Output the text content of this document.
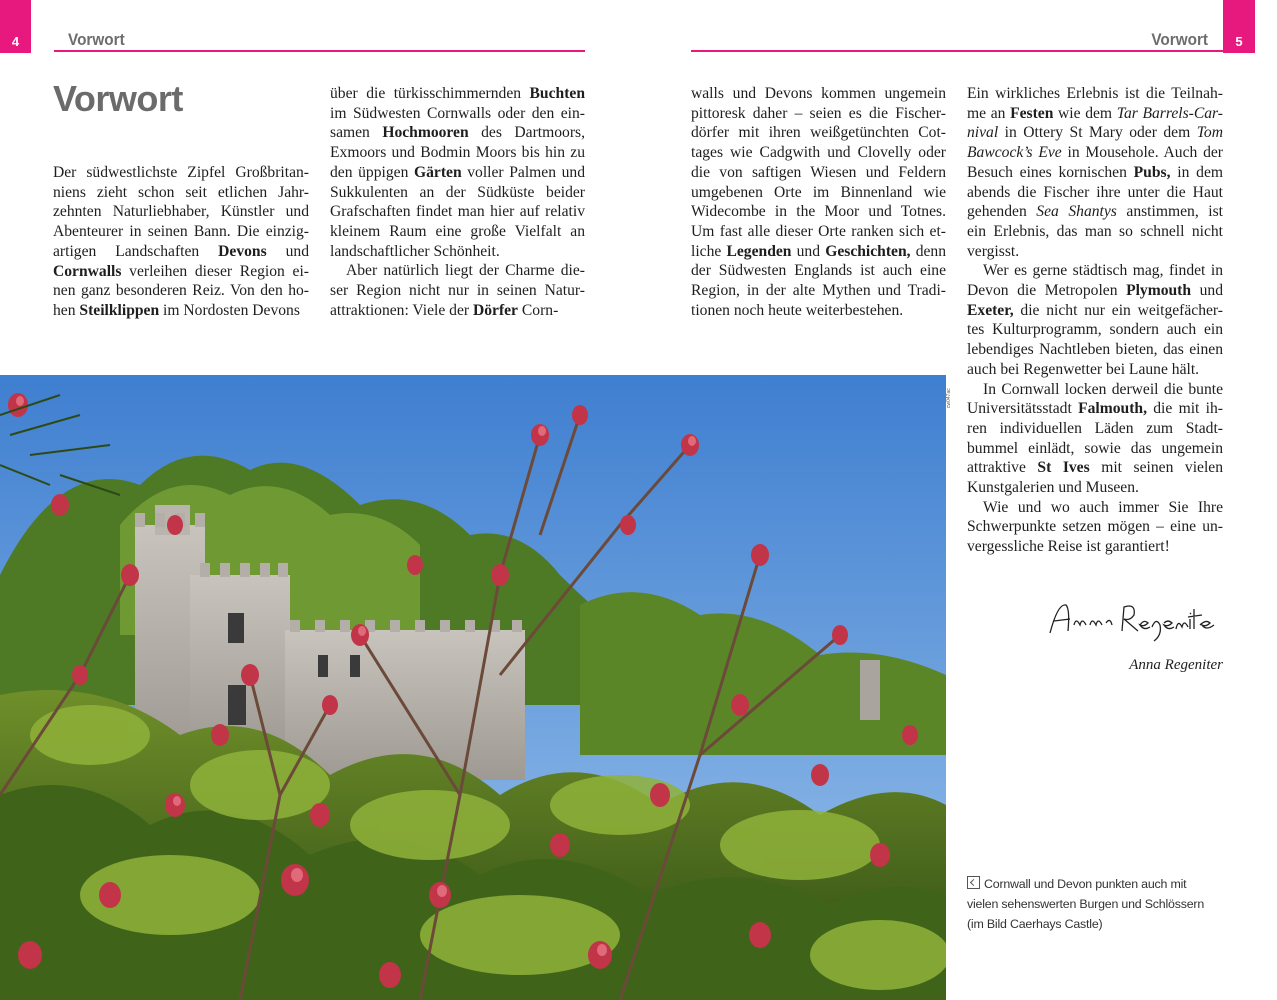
4	Vorwort	5
Vorwort
Vorwort

Der südwestlichste Zipfel Großbritan-niens zieht schon seit etlichen Jahr-zehnten Naturliebhaber, Künstler und Abenteurer in seinen Bann. Die einzig-artigen Landschaften Devons und Cornwalls verleihen dieser Region ei-nen ganz besonderen Reiz. Von den ho-hen Steilklippen im Nordosten Devons

über die türkisschimmernden Buchten im Südwesten Cornwalls oder den ein-samen Hochmooren des Dartmoors, Exmoors und Bodmin Moors bis hin zu den üppigen Gärten voller Palmen und Sukkulenten an der Südküste beider Grafschaften findet man hier auf relativ kleinem Raum eine große Vielfalt an landschaftlicher Schönheit.

Aber natürlich liegt der Charme die-ser Region nicht nur in seinen Natur-attraktionen: Viele der Dörfer Corn-

walls und Devons kommen ungemein pittoresk daher – seien es die Fischer-dörfer mit ihren weißgetünchten Cot-tages wie Cadgwith und Clovelly oder die von saftigen Wiesen und Feldern umgebenen Orte im Binnenland wie Widecombe in the Moor und Totnes. Um fast alle dieser Orte ranken sich et-liche Legenden und Geschichten, denn der Südwesten Englands ist auch eine Region, in der alte Mythen und Tradi-tionen noch heute weiterbestehen.

Ein wirkliches Erlebnis ist die Teilnah-me an Festen wie dem Tar Barrels-Car-nival in Ottery St Mary oder dem Tom Bawcock’s Eve in Mousehole. Auch der Besuch eines kornischen Pubs, in dem abends die Fischer ihre unter die Haut gehenden Sea Shantys anstimmen, ist ein Erlebnis, das man so schnell nicht vergisst.

Wer es gerne städtisch mag, findet in Devon die Metropolen Plymouth und Exeter, die nicht nur ein weitgefächer-tes Kulturprogramm, sondern auch ein lebendiges Nachtleben bieten, das einen auch bei Regenwetter bei Laune hält.

In Cornwall locken derweil die bunte Universitätsstadt Falmouth, die mit ih-ren individuellen Läden zum Stadt-bummel einlädt, sowie das ungemein attraktive St Ives mit seinen vielen Kunstgalerien und Museen.

Wie und wo auch immer Sie Ihre Schwerpunkte setzen mögen – eine un-vergessliche Reise ist garantiert!

cw047ac
Anna Regeniter
Cornwall und Devon punkten auch mit
vielen sehenswerten Burgen und Schlössern
(im Bild Caerhays Castle)
